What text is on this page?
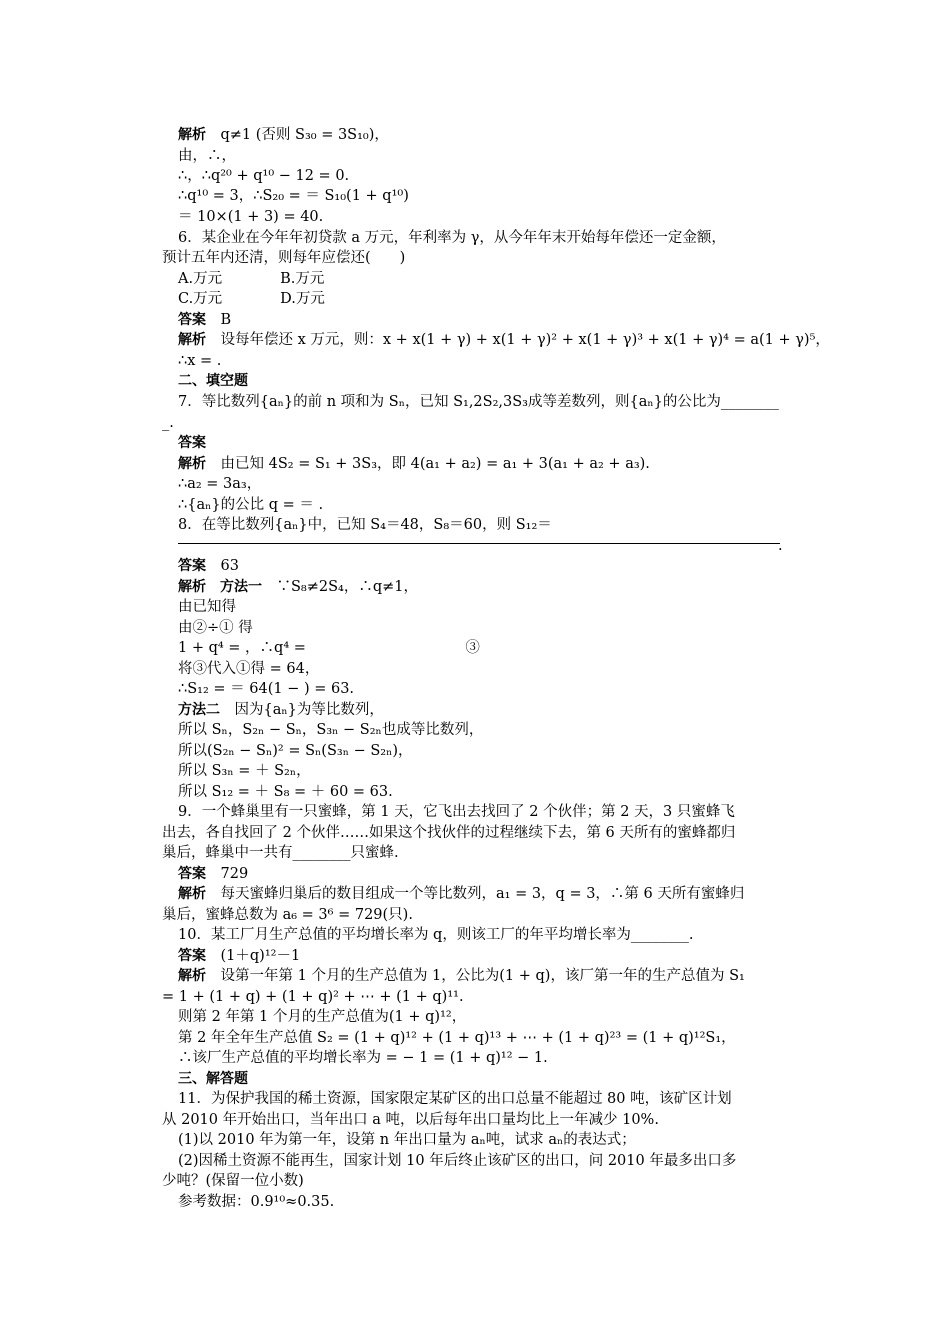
解析　q≠1 (否则 S₃₀ = 3S₁₀)，
由，∴，
∴，∴q²⁰ + q¹⁰ − 12 = 0.
∴q¹⁰ = 3，∴S₂₀ = ＝ S₁₀(1 + q¹⁰)
＝ 10×(1 + 3) = 40.
6．某企业在今年年初贷款 a 万元，年利率为 γ，从今年年末开始每年偿还一定金额，
预计五年内还清，则每年应偿还(　　)
A.万元　　　　B.万元
C.万元　　　　D.万元
答案　B
解析　设每年偿还 x 万元，则：x + x(1 + γ) + x(1 + γ)² + x(1 + γ)³ + x(1 + γ)⁴ = a(1 + γ)⁵，
∴x = .
二、填空题
7．等比数列{aₙ}的前 n 项和为 Sₙ，已知 S₁,2S₂,3S₃成等差数列，则{aₙ}的公比为________
_.
答案
解析　由已知 4S₂ = S₁ + 3S₃，即 4(a₁ + a₂) = a₁ + 3(a₁ + a₂ + a₃).
∴a₂ = 3a₃，
∴{aₙ}的公比 q = ＝ .
8．在等比数列{aₙ}中，已知 S₄＝48，S₈＝60，则 S₁₂＝
.
答案　63
解析　方法一　∵S₈≠2S₄，∴q≠1，
由已知得
由②÷① 得
1 + q⁴ = ，∴q⁴ =　　　　　　　　　　　③
将③代入①得 = 64，
∴S₁₂ = ＝ 64(1 − ) = 63.
方法二　因为{aₙ}为等比数列，
所以 Sₙ，S₂ₙ − Sₙ，S₃ₙ − S₂ₙ也成等比数列，
所以(S₂ₙ − Sₙ)² = Sₙ(S₃ₙ − S₂ₙ)，
所以 S₃ₙ = ＋ S₂ₙ，
所以 S₁₂ = ＋ S₈ = ＋ 60 = 63.
9．一个蜂巢里有一只蜜蜂，第 1 天，它飞出去找回了 2 个伙伴；第 2 天，3 只蜜蜂飞
出去，各自找回了 2 个伙伴……如果这个找伙伴的过程继续下去，第 6 天所有的蜜蜂都归
巢后，蜂巢中一共有________只蜜蜂.
答案　729
解析　每天蜜蜂归巢后的数目组成一个等比数列，a₁ = 3，q = 3，∴第 6 天所有蜜蜂归
巢后，蜜蜂总数为 a₆ = 3⁶ = 729(只).
10．某工厂月生产总值的平均增长率为 q，则该工厂的年平均增长率为________.
答案　(1＋q)¹²－1
解析　设第一年第 1 个月的生产总值为 1，公比为(1 + q)，该厂第一年的生产总值为 S₁
= 1 + (1 + q) + (1 + q)² + ⋯ + (1 + q)¹¹.
则第 2 年第 1 个月的生产总值为(1 + q)¹²，
第 2 年全年生产总值 S₂ = (1 + q)¹² + (1 + q)¹³ + ⋯ + (1 + q)²³ = (1 + q)¹²S₁，
∴该厂生产总值的平均增长率为 = − 1 = (1 + q)¹² − 1.
三、解答题
11．为保护我国的稀土资源，国家限定某矿区的出口总量不能超过 80 吨，该矿区计划
从 2010 年开始出口，当年出口 a 吨，以后每年出口量均比上一年减少 10%.
(1)以 2010 年为第一年，设第 n 年出口量为 aₙ吨，试求 aₙ的表达式；
(2)因稀土资源不能再生，国家计划 10 年后终止该矿区的出口，问 2010 年最多出口多
少吨？(保留一位小数)
参考数据：0.9¹⁰≈0.35.
